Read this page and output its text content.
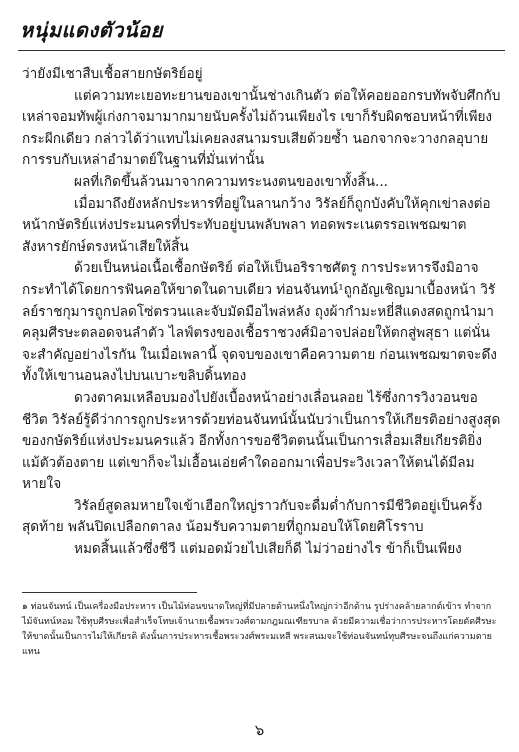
หนุ่มแดงตัวน้อย

ว่ายังมีเชาสืบเชื้อสายกษัตริย์อยู่

แต่ความทะเยอทะยานของเขานั้นช่างเกินตัว ต่อให้คอยออกรบทัพจับศึกกับเหล่าจอมทัพผู้เก่งกาจมามากมายนับครั้งไม่ถ้วนเพียงไร เขาก็รับผิดชอบหน้าที่เพียงกระผีกเดียว กล่าวได้ว่าแทบไม่เคยลงสนามรบเสียด้วยซ้ำ นอกจากจะวางกลอุบายการรบกับเหล่าอำมาตย์ในฐานที่มั่นเท่านั้น

ผลที่เกิดขึ้นล้วนมาจากความทระนงตนของเขาทั้งสิ้น...

เมื่อมาถึงยังหลักประหารที่อยู่ในลานกว้าง วิรัลย์ก็ถูกบังคับให้คุกเข่าลงต่อหน้ากษัตริย์แห่งประมนครที่ประทับอยู่บนพลับพลา ทอดพระเนตรรอเพชฌฆาตสังหารยักษ์ตรงหน้าเสียให้สิ้น

ด้วยเป็นหน่อเนื้อเชื้อกษัตริย์ ต่อให้เป็นอริราชศัตรู การประหารจึงมิอาจกระทำได้โดยการฟันคอให้ขาดในดาบเดียว ท่อนจันทน์¹ถูกอัญเชิญมาเบื้องหน้า วิรัลย์ราชกุมารถูกปลดโซ่ตรวนและจับมัดมือไพล่หลัง ถุงผ้ากำมะหยี่สีแดงสดถูกนำมาคลุมศีรษะตลอดจนลำตัว ไลฟ์ตรงของเชื้อราชวงศ์มิอาจปล่อยให้ตกสู่พสุธา แต่นั่นจะสำคัญอย่างไรกัน ในเมื่อเพลานี้ จุดจบของเขาคือความตาย ก่อนเพชฌฆาตจะดึงทั้งให้เขานอนลงไปบนเบาะขลิบดิ้นทอง

ดวงตาคมเหลือบมองไปยังเบื้องหน้าอย่างเลื่อนลอย ไร้ซึ่งการวิงวอนขอชีวิต วิรัลย์รู้ดีว่าการถูกประหารด้วยท่อนจันทน์นั้นนับว่าเป็นการให้เกียรติอย่างสูงสุดของกษัตริย์แห่งประมนครแล้ว อีกทั้งการขอชีวิตตนนั้นเป็นการเสื่อมเสียเกียรติยิ่ง แม้ตัวต้องตาย แต่เขาก็จะไม่เอื้อนเอ่ยคำใดออกมาเพื่อประวิงเวลาให้ตนได้มีลมหายใจ

วิรัลย์สูดลมหายใจเข้าเฮือกใหญ่ราวกับจะดื่มด่ำกับการมีชีวิตอยู่เป็นครั้งสุดท้าย พลันปิดเปลือกตาลง น้อมรับความตายที่ถูกมอบให้โดยศิโรราบ

หมดสิ้นแล้วซึ่งชีวี แต่มอดม้วยไปเสียก็ดี ไม่ว่าอย่างไร ข้าก็เป็นเพียง

๑ ท่อนจันทน์ เป็นเครื่องมือประหาร เป็นไม้ท่อนขนาดใหญ่ที่มีปลายด้านหนึ่งใหญ่กว่าอีกด้าน รูปร่างคล้ายลากต์เข้าร ทำจากไม้จันทน์หอม ใช้ทุบศีรษะเพื่อสำเร็จโทษเจ้านายเชื้อพระวงศ์ตามกฎมณเฑียรบาล ด้วยมีความเชื่อว่าการประหารโดยตัดศีรษะให้ขาดนั้นเป็นการไม่ให้เกียรติ ดังนั้นการประหารเชื้อพระวงศ์พระมเหสี พระสนมจะใช้ท่อนจันทน์ทุบศีรษะจนถึงแก่ความตายแทน

๖
